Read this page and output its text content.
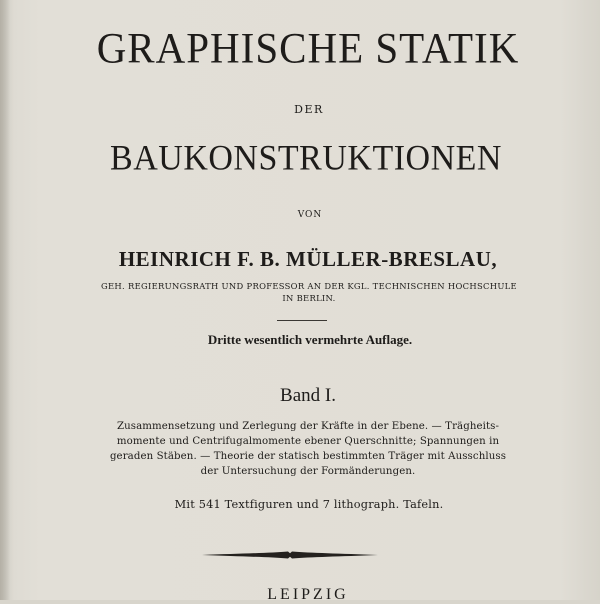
GRAPHISCHE STATIK
DER
BAUKONSTRUKTIONEN
VON
HEINRICH F. B. MÜLLER-BRESLAU,
GEH. REGIERUNGSRATH UND PROFESSOR AN DER KGL. TECHNISCHEN HOCHSCHULE
IN BERLIN.
Dritte wesentlich vermehrte Auflage.
Band I.
Zusammensetzung und Zerlegung der Kräfte in der Ebene. — Trägheits-
momente und Centrifugalmomente ebener Querschnitte; Spannungen in
geraden Stäben. — Theorie der statisch bestimmten Träger mit Ausschluss
der Untersuchung der Formänderungen.
Mit 541 Textfiguren und 7 lithograph. Tafeln.
LEIPZIG
